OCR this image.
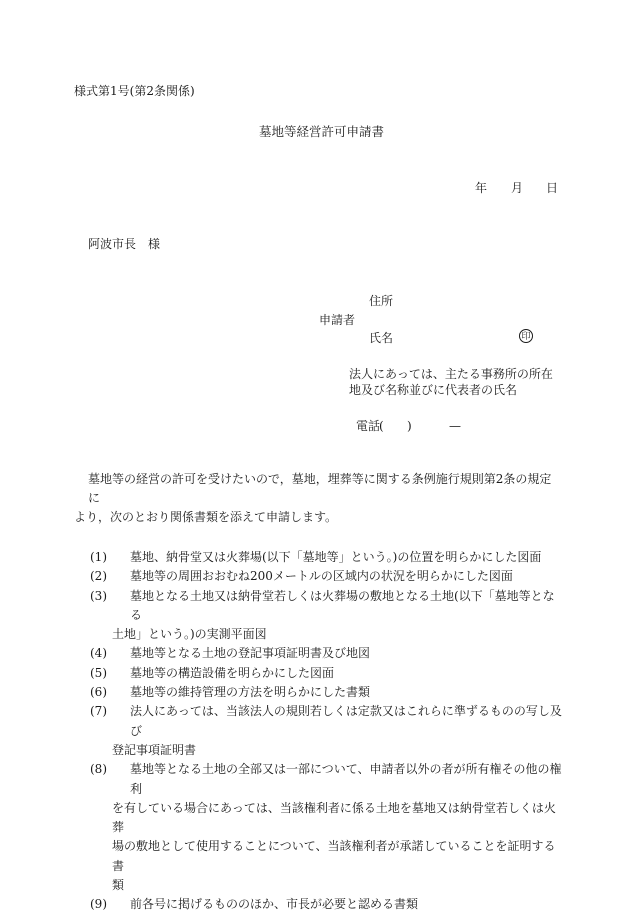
様式第1号(第2条関係)
墓地等経営許可申請書
年 月 日
阿波市長　様
住所
申請者
氏名	印
法人にあっては、主たる事務所の所在
地及び名称並びに代表者の氏名
電話
( )	—
墓地等の経営の許可を受けたいので，墓地，埋葬等に関する条例施行規則第2条の規定に
より，次のとおり関係書類を添えて申請します。
(1)	墓地、納骨堂又は火葬場(以下「墓地等」という。)の位置を明らかにした図面
(2)	墓地等の周囲おおむね200メートルの区域内の状況を明らかにした図面
(3)	墓地となる土地又は納骨堂若しくは火葬場の敷地となる土地(以下「墓地等となる
土地」という。)の実測平面図
(4)	墓地等となる土地の登記事項証明書及び地図
(5)	墓地等の構造設備を明らかにした図面
(6)	墓地等の維持管理の方法を明らかにした書類
(7)	法人にあっては、当該法人の規則若しくは定款又はこれらに準ずるものの写し及び
登記事項証明書
(8)	墓地等となる土地の全部又は一部について、申請者以外の者が所有権その他の権利
を有している場合にあっては、当該権利者に係る土地を墓地又は納骨堂若しくは火葬
場の敷地として使用することについて、当該権利者が承諾していることを証明する書
類
(9)	前各号に掲げるもののほか、市長が必要と認める書類
